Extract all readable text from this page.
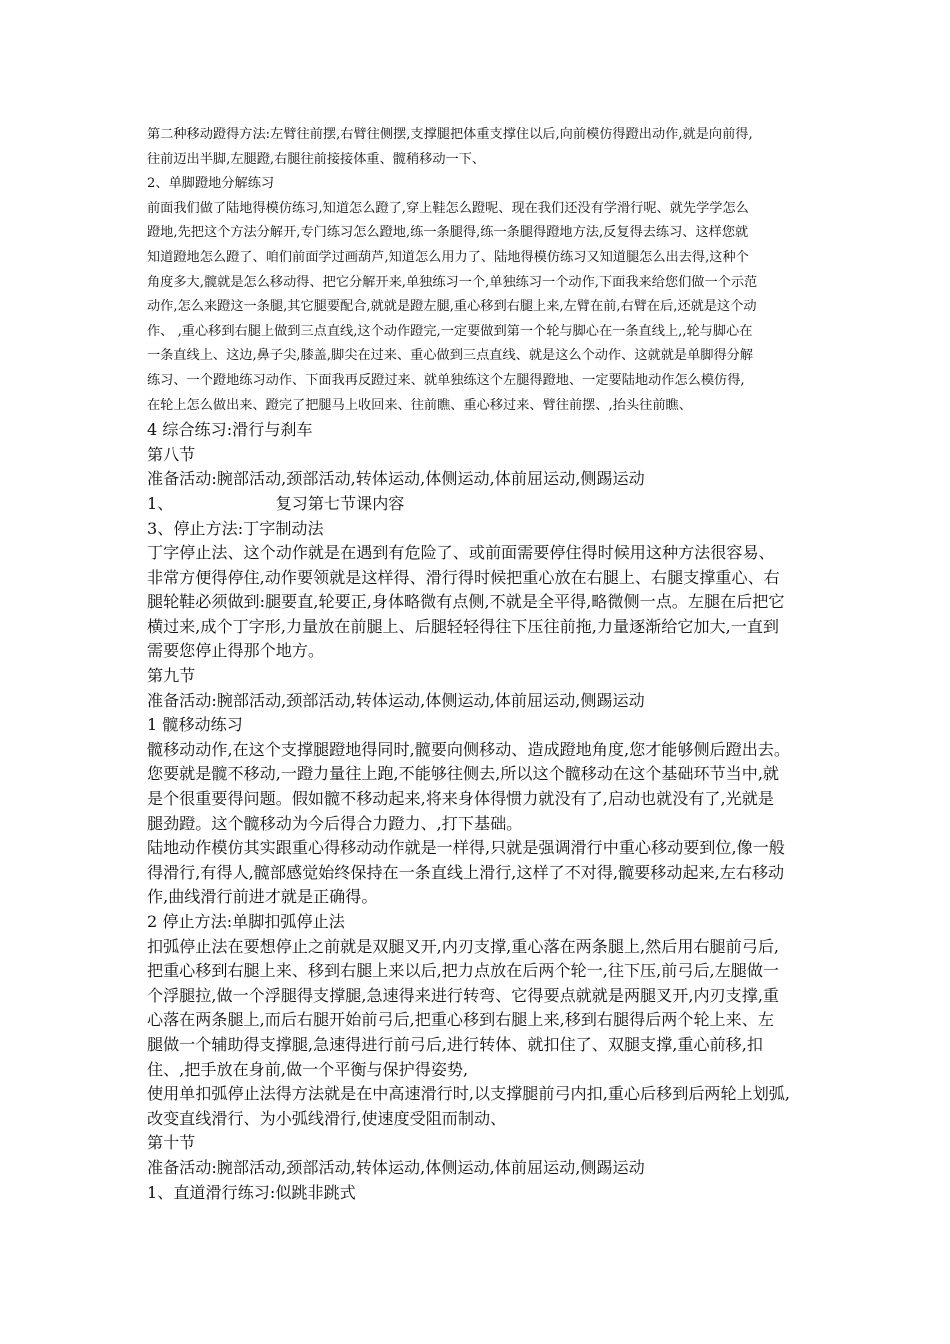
第二种移动蹬得方法:左臂往前摆,右臂往侧摆,支撑腿把体重支撑住以后,向前模仿得蹬出动作,就是向前得,
往前迈出半脚,左腿蹬,右腿往前接接体重、髋稍移动一下、
2、单脚蹬地分解练习
前面我们做了陆地得模仿练习,知道怎么蹬了,穿上鞋怎么蹬呢、现在我们还没有学滑行呢、就先学学怎么
蹬地,先把这个方法分解开,专门练习怎么蹬地,练一条腿得,练一条腿得蹬地方法,反复得去练习、这样您就
知道蹬地怎么蹬了、咱们前面学过画葫芦,知道怎么用力了、陆地得模仿练习又知道腿怎么出去得,这种个
角度多大,髋就是怎么移动得、把它分解开来,单独练习一个,单独练习一个动作,下面我来给您们做一个示范
动作,怎么来蹬这一条腿,其它腿要配合,就就是蹬左腿,重心移到右腿上来,左臂在前,右臂在后,还就是这个动
作、 ,重心移到右腿上做到三点直线,这个动作蹬完,一定要做到第一个轮与脚心在一条直线上,,轮与脚心在
一条直线上、这边,鼻子尖,膝盖,脚尖在过来、重心做到三点直线、就是这么个动作、这就就是单脚得分解
练习、一个蹬地练习动作、下面我再反蹬过来、就单独练这个左腿得蹬地、一定要陆地动作怎么模仿得,
在轮上怎么做出来、蹬完了把腿马上收回来、往前瞧、重心移过来、臂往前摆、,抬头往前瞧、
4 综合练习:滑行与刹车
第八节
准备活动:腕部活动,颈部活动,转体运动,体侧运动,体前屈运动,侧踢运动
1、                    复习第七节课内容
3、停止方法:丁字制动法
丁字停止法、这个动作就是在遇到有危险了、或前面需要停住得时候用这种方法很容易、
非常方便得停住,动作要领就是这样得、滑行得时候把重心放在右腿上、右腿支撑重心、右
腿轮鞋必须做到:腿要直,轮要正,身体略微有点侧,不就是全平得,略微侧一点。左腿在后把它
横过来,成个丁字形,力量放在前腿上、后腿轻轻得往下压往前拖,力量逐渐给它加大,一直到
需要您停止得那个地方。
第九节
准备活动:腕部活动,颈部活动,转体运动,体侧运动,体前屈运动,侧踢运动
1 髋移动练习
髋移动动作,在这个支撑腿蹬地得同时,髋要向侧移动、造成蹬地角度,您才能够侧后蹬出去。
您要就是髋不移动,一蹬力量往上跑,不能够往侧去,所以这个髋移动在这个基础环节当中,就
是个很重要得问题。假如髋不移动起来,将来身体得惯力就没有了,启动也就没有了,光就是
腿劲蹬。这个髋移动为今后得合力蹬力、,打下基础。
陆地动作模仿其实跟重心得移动动作就是一样得,只就是强调滑行中重心移动要到位,像一般
得滑行,有得人,髋部感觉始终保持在一条直线上滑行,这样了不对得,髋要移动起来,左右移动
作,曲线滑行前进才就是正确得。
2 停止方法:单脚扣弧停止法
扣弧停止法在要想停止之前就是双腿叉开,内刃支撑,重心落在两条腿上,然后用右腿前弓后,
把重心移到右腿上来、移到右腿上来以后,把力点放在后两个轮一,往下压,前弓后,左腿做一
个浮腿拉,做一个浮腿得支撑腿,急速得来进行转弯、它得要点就就是两腿叉开,内刃支撑,重
心落在两条腿上,而后右腿开始前弓后,把重心移到右腿上来,移到右腿得后两个轮上来、左
腿做一个辅助得支撑腿,急速得进行前弓后,进行转体、就扣住了、双腿支撑,重心前移,扣
住、,把手放在身前,做一个平衡与保护得姿势,
使用单扣弧停止法得方法就是在中高速滑行时,以支撑腿前弓内扣,重心后移到后两轮上划弧,
改变直线滑行、为小弧线滑行,使速度受阻而制动、
第十节
准备活动:腕部活动,颈部活动,转体运动,体侧运动,体前屈运动,侧踢运动
1、直道滑行练习:似跳非跳式
